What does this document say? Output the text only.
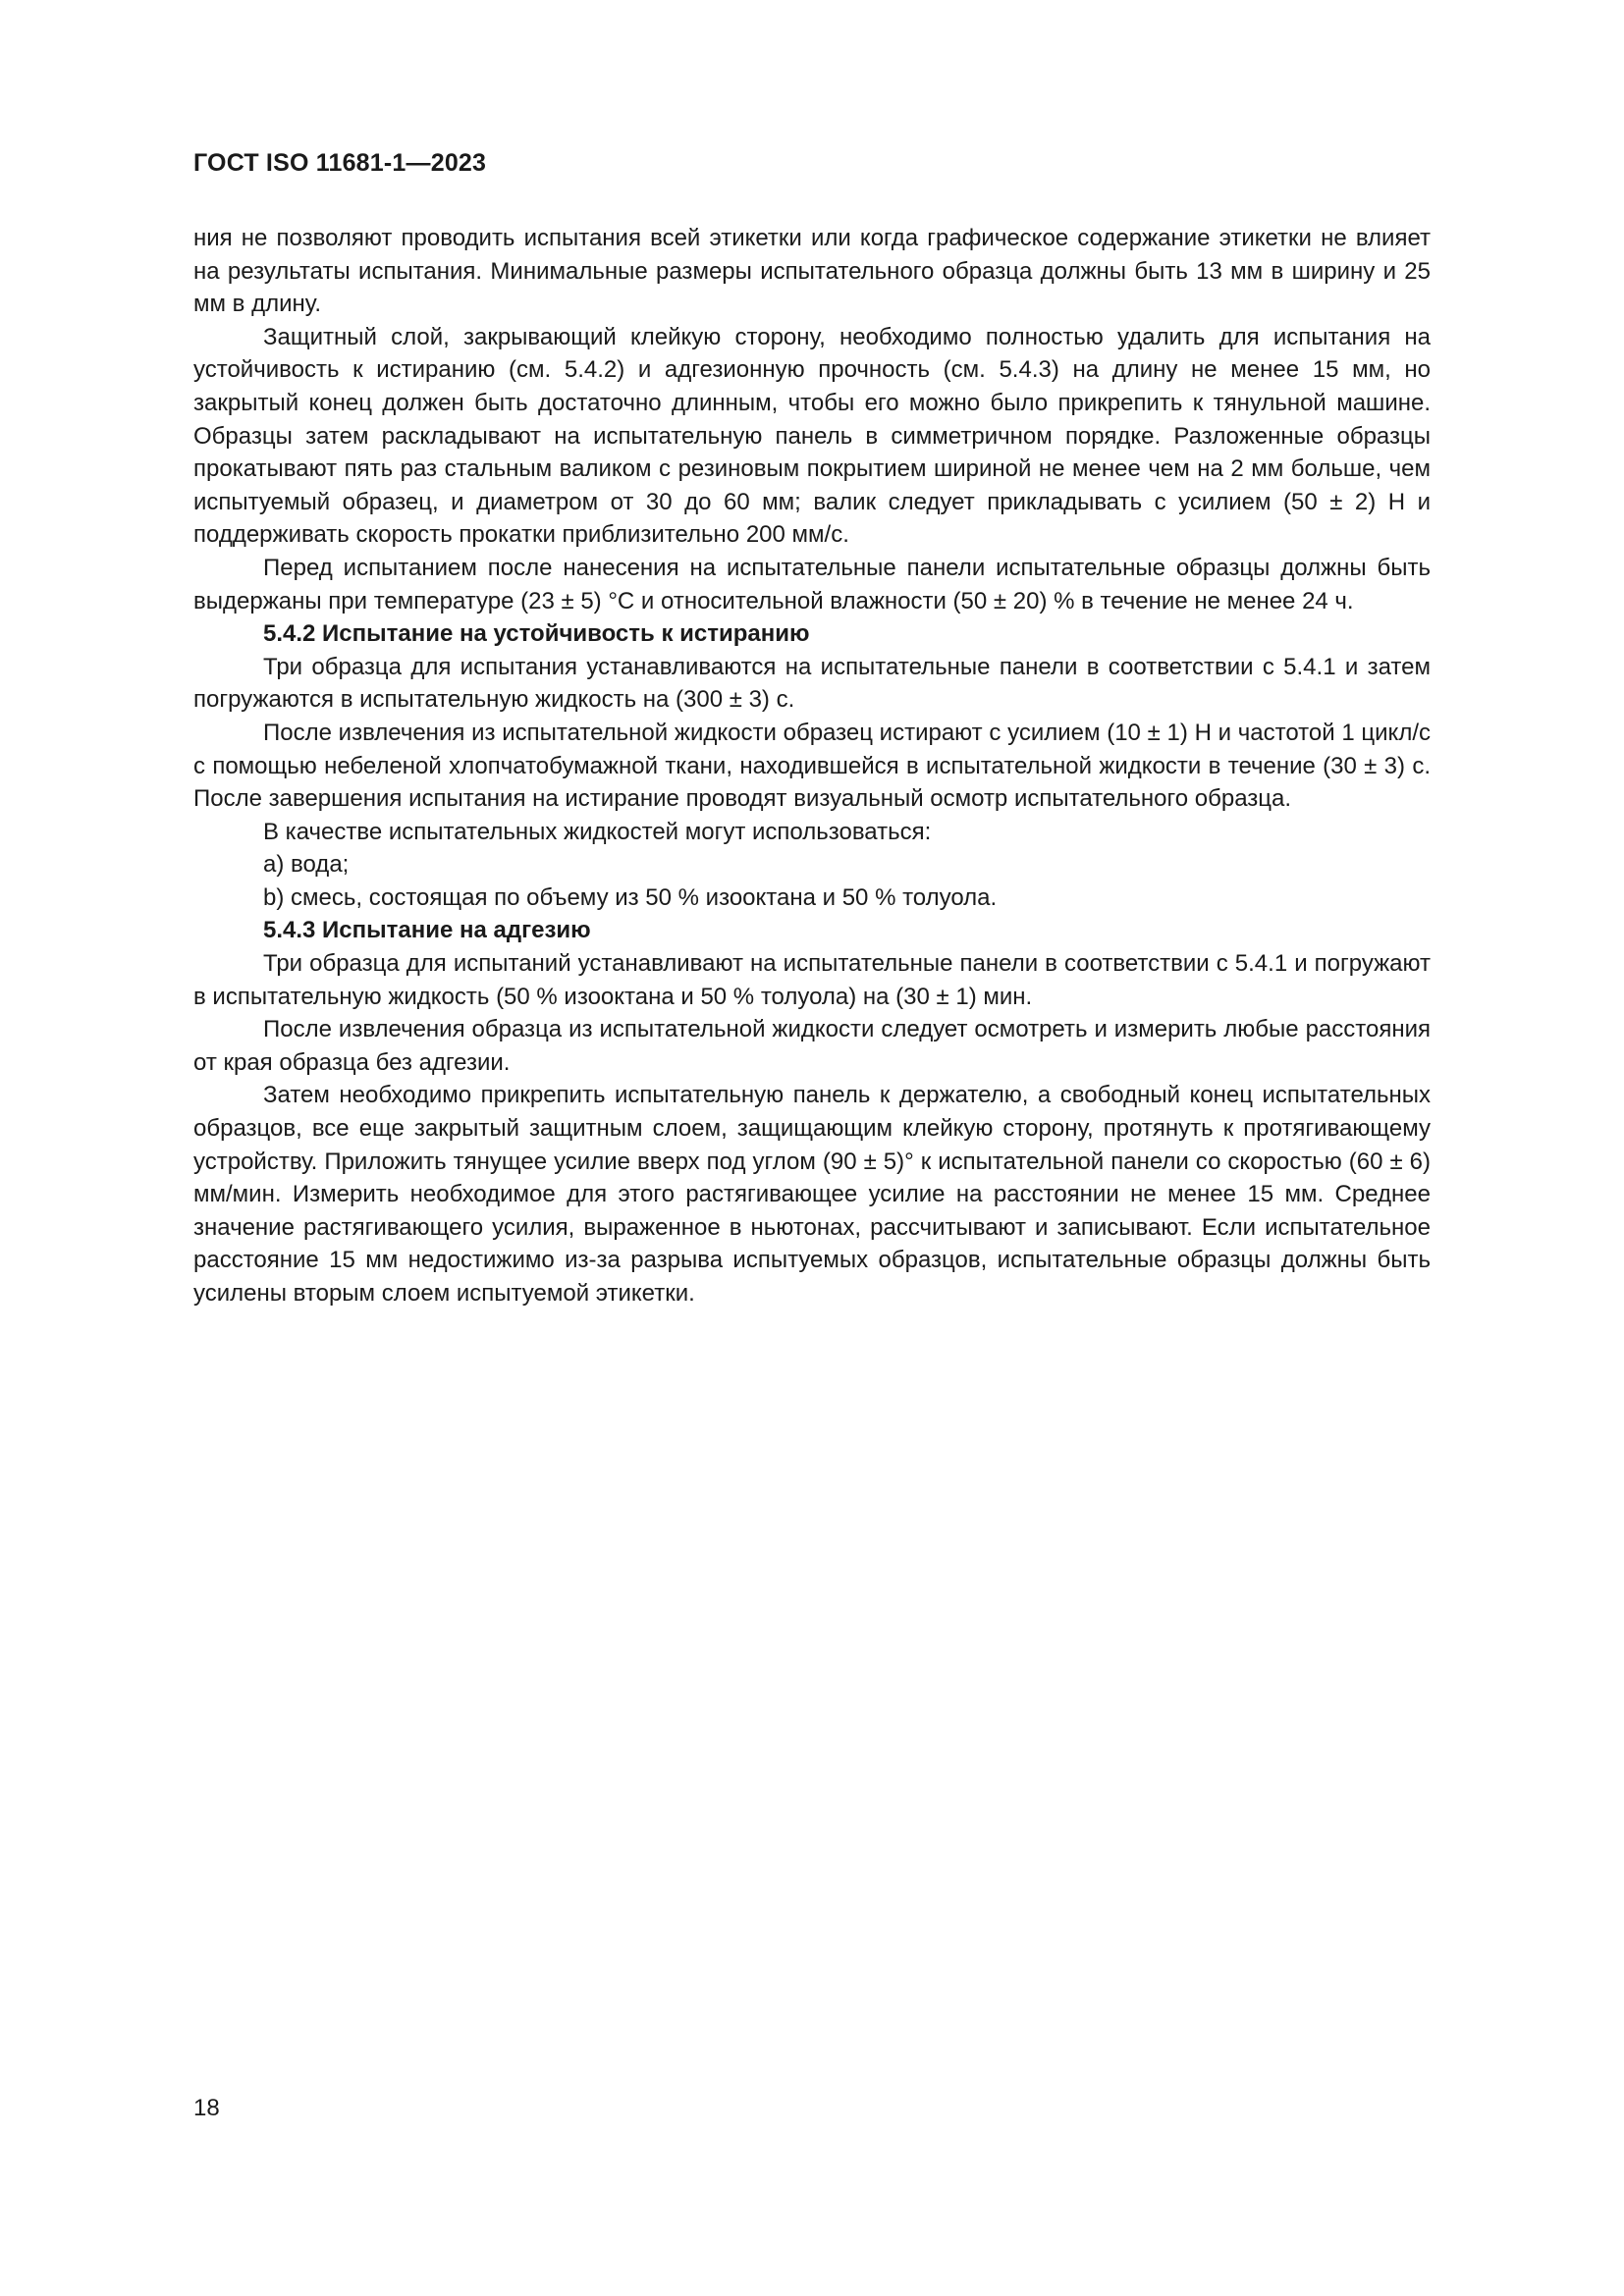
ГОСТ ISO 11681-1—2023

ния не позволяют проводить испытания всей этикетки или когда графическое содержание этикетки не влияет на результаты испытания. Минимальные размеры испытательного образца должны быть 13 мм в ширину и 25 мм в длину.

Защитный слой, закрывающий клейкую сторону, необходимо полностью удалить для испытания на устойчивость к истиранию (см. 5.4.2) и адгезионную прочность (см. 5.4.3) на длину не менее 15 мм, но закрытый конец должен быть достаточно длинным, чтобы его можно было прикрепить к тянульной машине. Образцы затем раскладывают на испытательную панель в симметричном порядке. Разложенные образцы прокатывают пять раз стальным валиком с резиновым покрытием шириной не менее чем на 2 мм больше, чем испытуемый образец, и диаметром от 30 до 60 мм; валик следует прикладывать с усилием (50 ± 2) Н и поддерживать скорость прокатки приблизительно 200 мм/с.

Перед испытанием после нанесения на испытательные панели испытательные образцы должны быть выдержаны при температуре (23 ± 5) °С и относительной влажности (50 ± 20) % в течение не менее 24 ч.

5.4.2 Испытание на устойчивость к истиранию

Три образца для испытания устанавливаются на испытательные панели в соответствии с 5.4.1 и затем погружаются в испытательную жидкость на (300 ± 3) с.

После извлечения из испытательной жидкости образец истирают с усилием (10 ± 1) Н и частотой 1 цикл/с с помощью небеленой хлопчатобумажной ткани, находившейся в испытательной жидкости в течение (30 ± 3) с. После завершения испытания на истирание проводят визуальный осмотр испытательного образца.

В качестве испытательных жидкостей могут использоваться:

a) вода;

b) смесь, состоящая по объему из 50 % изооктана и 50 % толуола.

5.4.3 Испытание на адгезию

Три образца для испытаний устанавливают на испытательные панели в соответствии с 5.4.1 и погружают в испытательную жидкость (50 % изооктана и 50 % толуола) на (30 ± 1) мин.

После извлечения образца из испытательной жидкости следует осмотреть и измерить любые расстояния от края образца без адгезии.

Затем необходимо прикрепить испытательную панель к держателю, а свободный конец испытательных образцов, все еще закрытый защитным слоем, защищающим клейкую сторону, протянуть к протягивающему устройству. Приложить тянущее усилие вверх под углом (90 ± 5)° к испытательной панели со скоростью (60 ± 6) мм/мин. Измерить необходимое для этого растягивающее усилие на расстоянии не менее 15 мм. Среднее значение растягивающего усилия, выраженное в ньютонах, рассчитывают и записывают. Если испытательное расстояние 15 мм недостижимо из-за разрыва испытуемых образцов, испытательные образцы должны быть усилены вторым слоем испытуемой этикетки.

18
